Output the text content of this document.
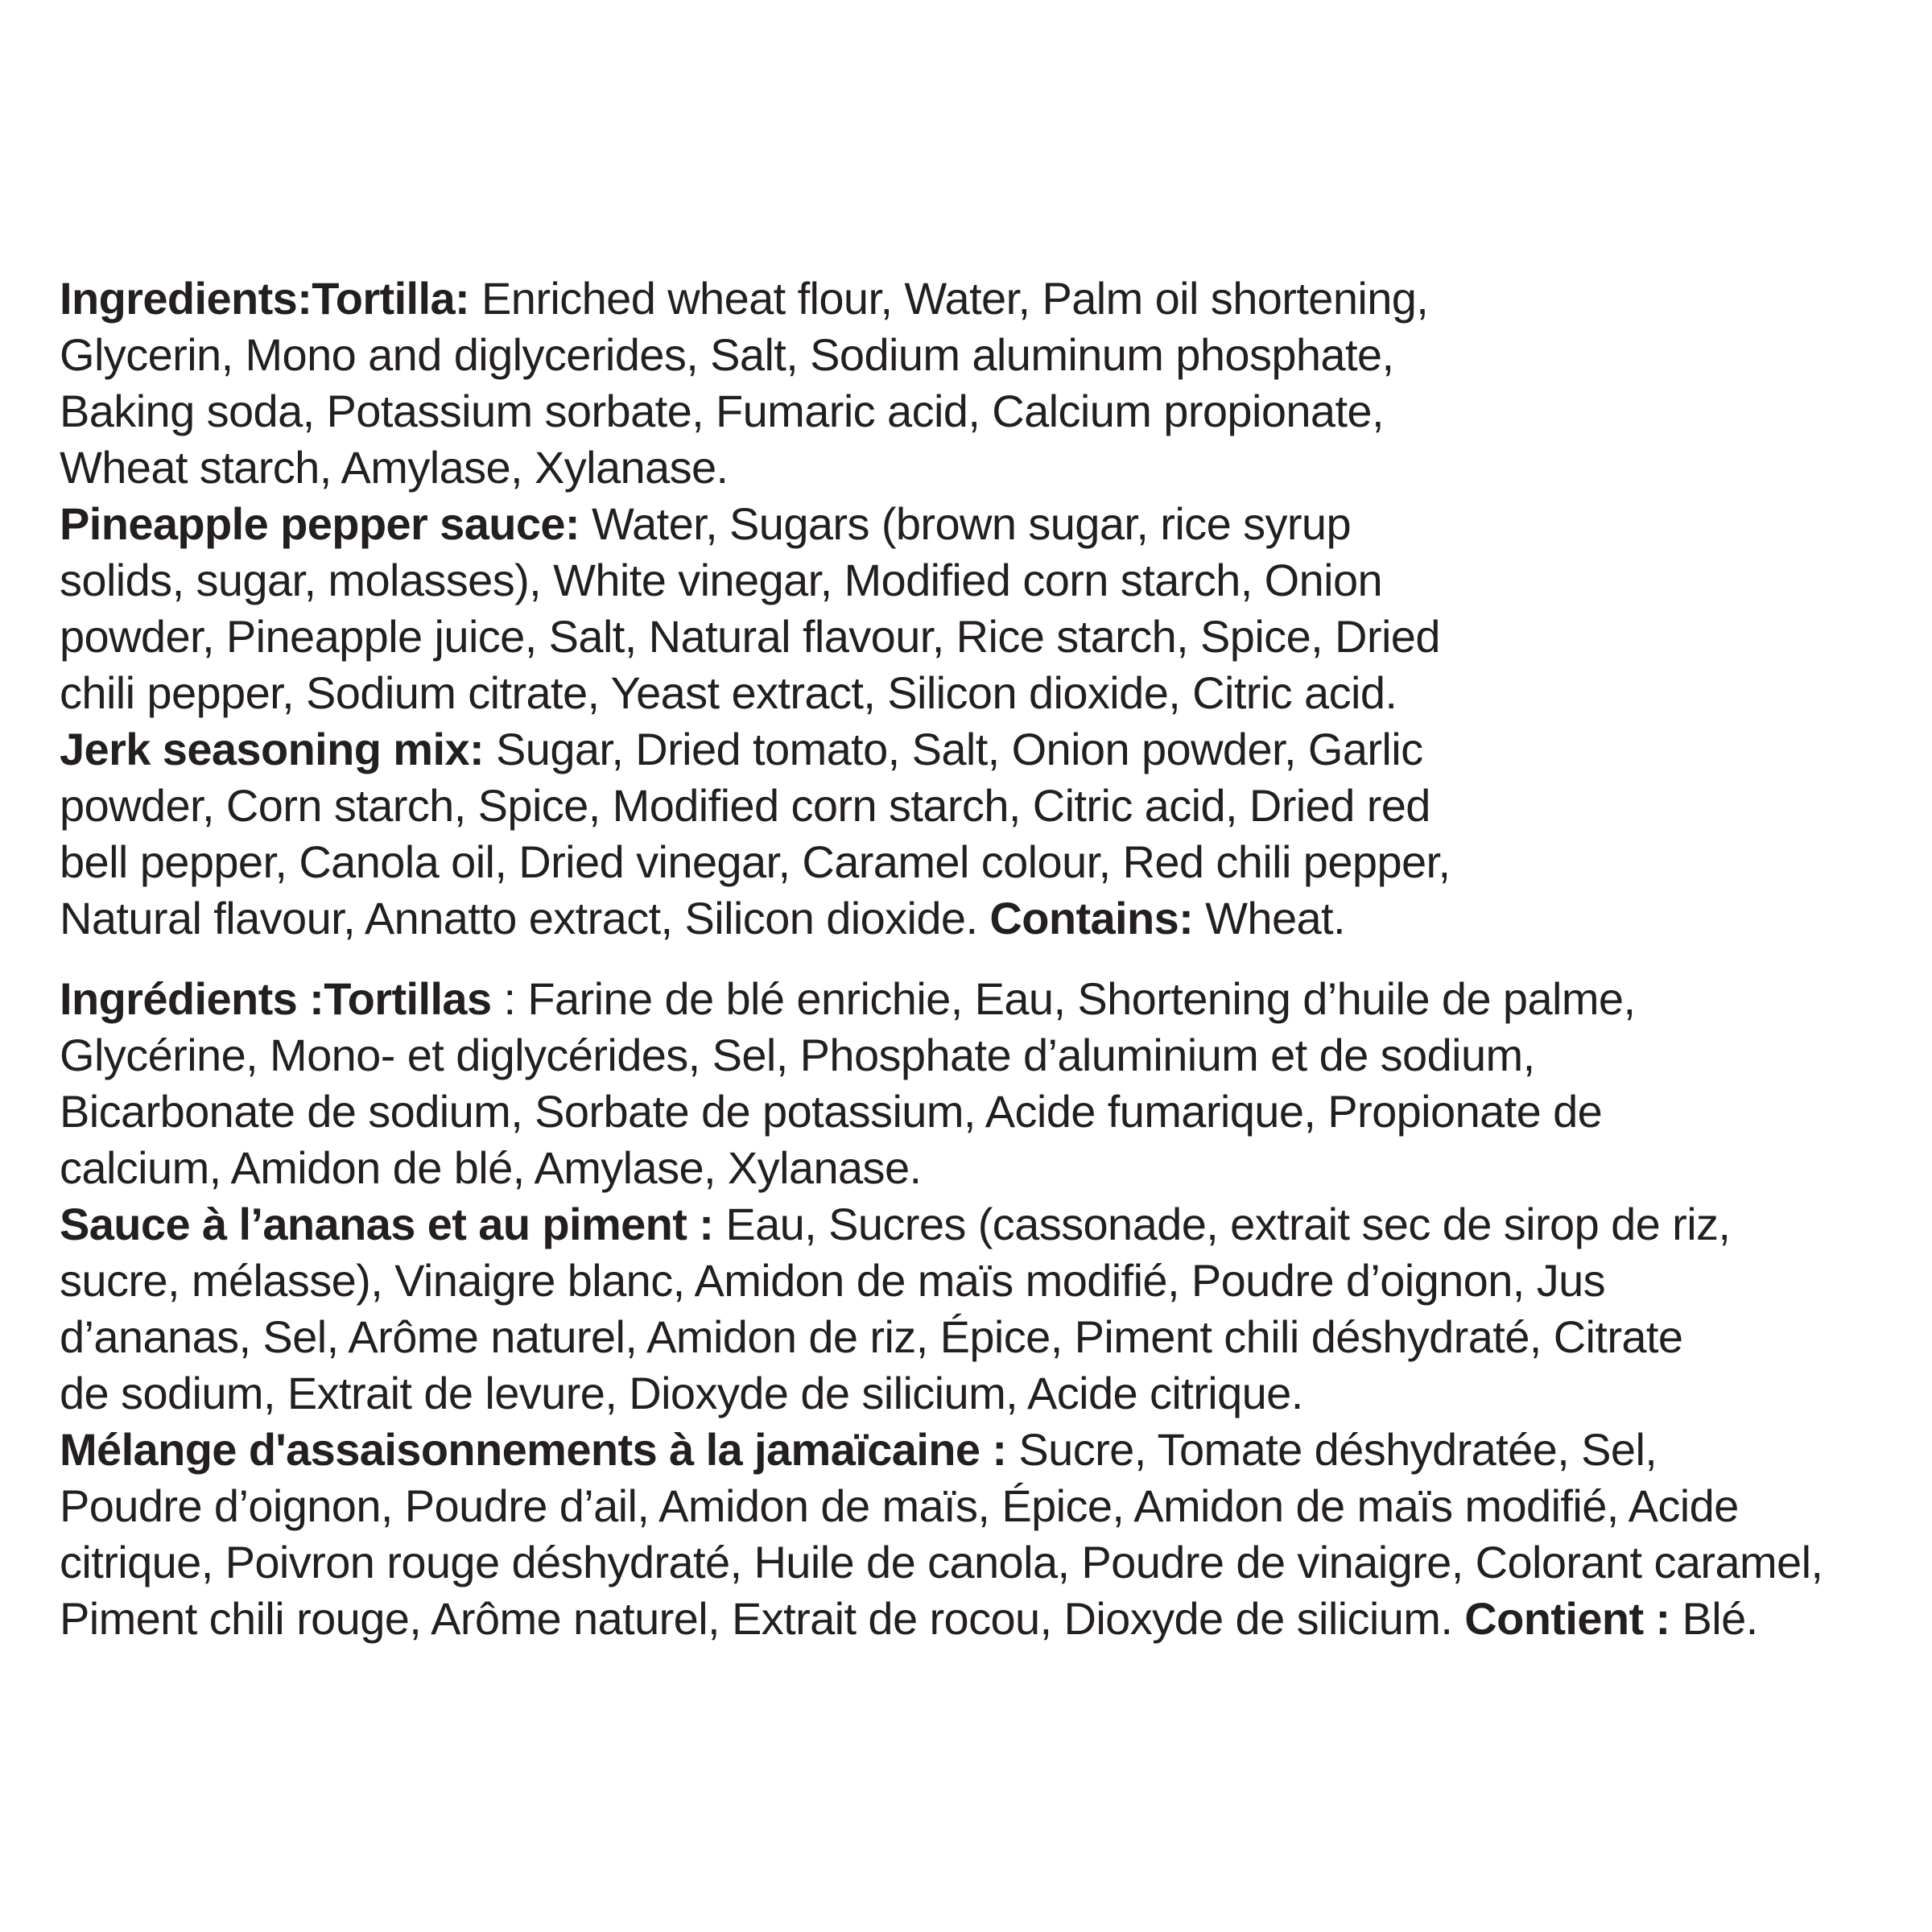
Ingredients:Tortilla: Enriched wheat flour, Water, Palm oil shortening,
Glycerin, Mono and diglycerides, Salt, Sodium aluminum phosphate,
Baking soda, Potassium sorbate, Fumaric acid, Calcium propionate,
Wheat starch, Amylase, Xylanase.
Pineapple pepper sauce: Water, Sugars (brown sugar, rice syrup
solids, sugar, molasses), White vinegar, Modified corn starch, Onion
powder, Pineapple juice, Salt, Natural flavour, Rice starch, Spice, Dried
chili pepper, Sodium citrate, Yeast extract, Silicon dioxide, Citric acid.
Jerk seasoning mix: Sugar, Dried tomato, Salt, Onion powder, Garlic
powder, Corn starch, Spice, Modified corn starch, Citric acid, Dried red
bell pepper, Canola oil, Dried vinegar, Caramel colour, Red chili pepper,
Natural flavour, Annatto extract, Silicon dioxide. Contains: Wheat.
Ingrédients :Tortillas : Farine de blé enrichie, Eau, Shortening d’huile de palme,
Glycérine, Mono- et diglycérides, Sel, Phosphate d’aluminium et de sodium,
Bicarbonate de sodium, Sorbate de potassium, Acide fumarique, Propionate de
calcium, Amidon de blé, Amylase, Xylanase.
Sauce à l’ananas et au piment : Eau, Sucres (cassonade, extrait sec de sirop de riz,
sucre, mélasse), Vinaigre blanc, Amidon de maïs modifié, Poudre d’oignon, Jus
d’ananas, Sel, Arôme naturel, Amidon de riz, Épice, Piment chili déshydraté, Citrate
de sodium, Extrait de levure, Dioxyde de silicium, Acide citrique.
Mélange d'assaisonnements à la jamaïcaine : Sucre, Tomate déshydratée, Sel,
Poudre d’oignon, Poudre d’ail, Amidon de maïs, Épice, Amidon de maïs modifié, Acide
citrique, Poivron rouge déshydraté, Huile de canola, Poudre de vinaigre, Colorant caramel,
Piment chili rouge, Arôme naturel, Extrait de rocou, Dioxyde de silicium. Contient : Blé.
